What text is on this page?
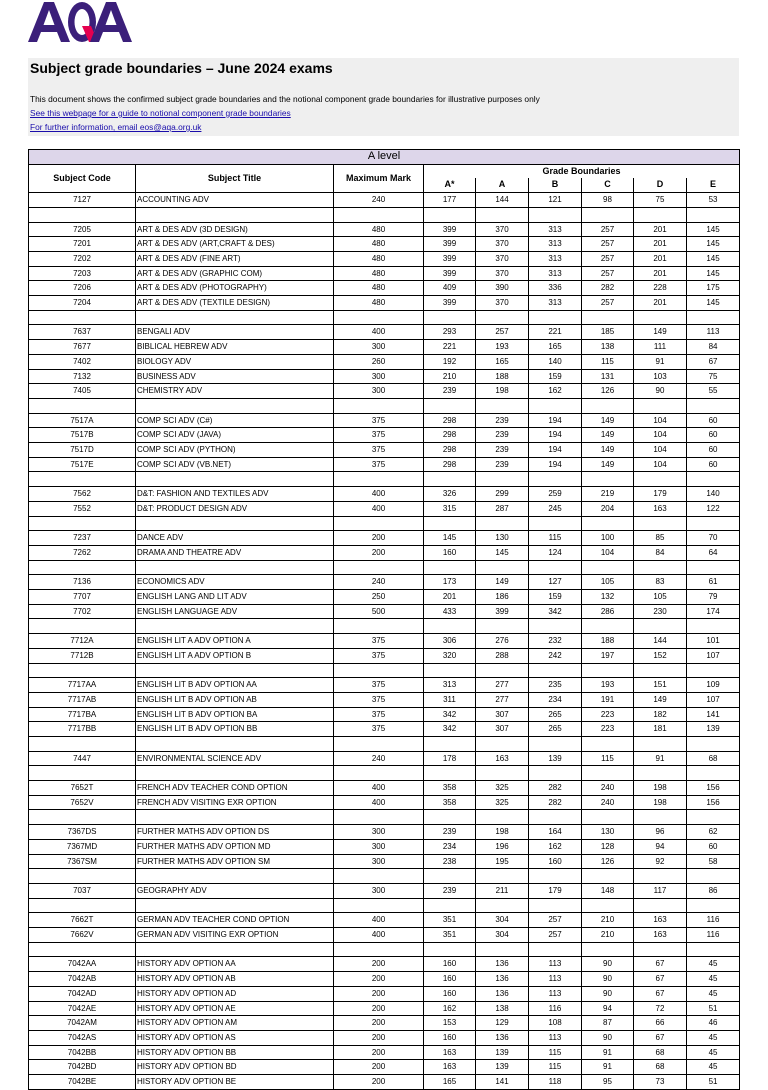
Subject grade boundaries – June 2024 exams
This document shows the confirmed subject grade boundaries and the notional component grade boundaries for illustrative purposes only
See this webpage for a guide to notional component grade boundaries
For further information, email eos@aqa.org.uk
A level								
Subject Code	Subject Title	Maximum Mark	Grade Boundaries					
			A*	A	B	C	D	E
7127	ACCOUNTING ADV	240	177	144	121	98	75	53

7205	ART & DES ADV (3D DESIGN)	480	399	370	313	257	201	145
7201	ART & DES ADV (ART,CRAFT & DES)	480	399	370	313	257	201	145
7202	ART & DES ADV (FINE ART)	480	399	370	313	257	201	145
7203	ART & DES ADV (GRAPHIC COM)	480	399	370	313	257	201	145
7206	ART & DES ADV (PHOTOGRAPHY)	480	409	390	336	282	228	175
7204	ART & DES ADV (TEXTILE DESIGN)	480	399	370	313	257	201	145

7637	BENGALI ADV	400	293	257	221	185	149	113
7677	BIBLICAL HEBREW ADV	300	221	193	165	138	111	84
7402	BIOLOGY ADV	260	192	165	140	115	91	67
7132	BUSINESS ADV	300	210	188	159	131	103	75
7405	CHEMISTRY ADV	300	239	198	162	126	90	55

7517A	COMP SCI ADV (C#)	375	298	239	194	149	104	60
7517B	COMP SCI ADV (JAVA)	375	298	239	194	149	104	60
7517D	COMP SCI ADV (PYTHON)	375	298	239	194	149	104	60
7517E	COMP SCI ADV (VB.NET)	375	298	239	194	149	104	60

7562	D&T: FASHION AND TEXTILES ADV	400	326	299	259	219	179	140
7552	D&T: PRODUCT DESIGN ADV	400	315	287	245	204	163	122

7237	DANCE ADV	200	145	130	115	100	85	70
7262	DRAMA AND THEATRE ADV	200	160	145	124	104	84	64

7136	ECONOMICS ADV	240	173	149	127	105	83	61
7707	ENGLISH LANG AND LIT ADV	250	201	186	159	132	105	79
7702	ENGLISH LANGUAGE ADV	500	433	399	342	286	230	174

7712A	ENGLISH LIT A ADV OPTION A	375	306	276	232	188	144	101
7712B	ENGLISH LIT A ADV OPTION B	375	320	288	242	197	152	107

7717AA	ENGLISH LIT B ADV OPTION AA	375	313	277	235	193	151	109
7717AB	ENGLISH LIT B ADV OPTION AB	375	311	277	234	191	149	107
7717BA	ENGLISH LIT B ADV OPTION BA	375	342	307	265	223	182	141
7717BB	ENGLISH LIT B ADV OPTION BB	375	342	307	265	223	181	139

7447	ENVIRONMENTAL SCIENCE ADV	240	178	163	139	115	91	68

7652T	FRENCH ADV TEACHER COND OPTION	400	358	325	282	240	198	156
7652V	FRENCH ADV VISITING EXR OPTION	400	358	325	282	240	198	156

7367DS	FURTHER MATHS ADV OPTION DS	300	239	198	164	130	96	62
7367MD	FURTHER MATHS ADV OPTION MD	300	234	196	162	128	94	60
7367SM	FURTHER MATHS ADV OPTION SM	300	238	195	160	126	92	58

7037	GEOGRAPHY ADV	300	239	211	179	148	117	86

7662T	GERMAN ADV TEACHER COND OPTION	400	351	304	257	210	163	116
7662V	GERMAN ADV VISITING EXR OPTION	400	351	304	257	210	163	116

7042AA	HISTORY ADV OPTION AA	200	160	136	113	90	67	45
7042AB	HISTORY ADV OPTION AB	200	160	136	113	90	67	45
7042AD	HISTORY ADV OPTION AD	200	160	136	113	90	67	45
7042AE	HISTORY ADV OPTION AE	200	162	138	116	94	72	51
7042AM	HISTORY ADV OPTION AM	200	153	129	108	87	66	46
7042AS	HISTORY ADV OPTION AS	200	160	136	113	90	67	45
7042BB	HISTORY ADV OPTION BB	200	163	139	115	91	68	45
7042BD	HISTORY ADV OPTION BD	200	163	139	115	91	68	45
7042BE	HISTORY ADV OPTION BE	200	165	141	118	95	73	51
